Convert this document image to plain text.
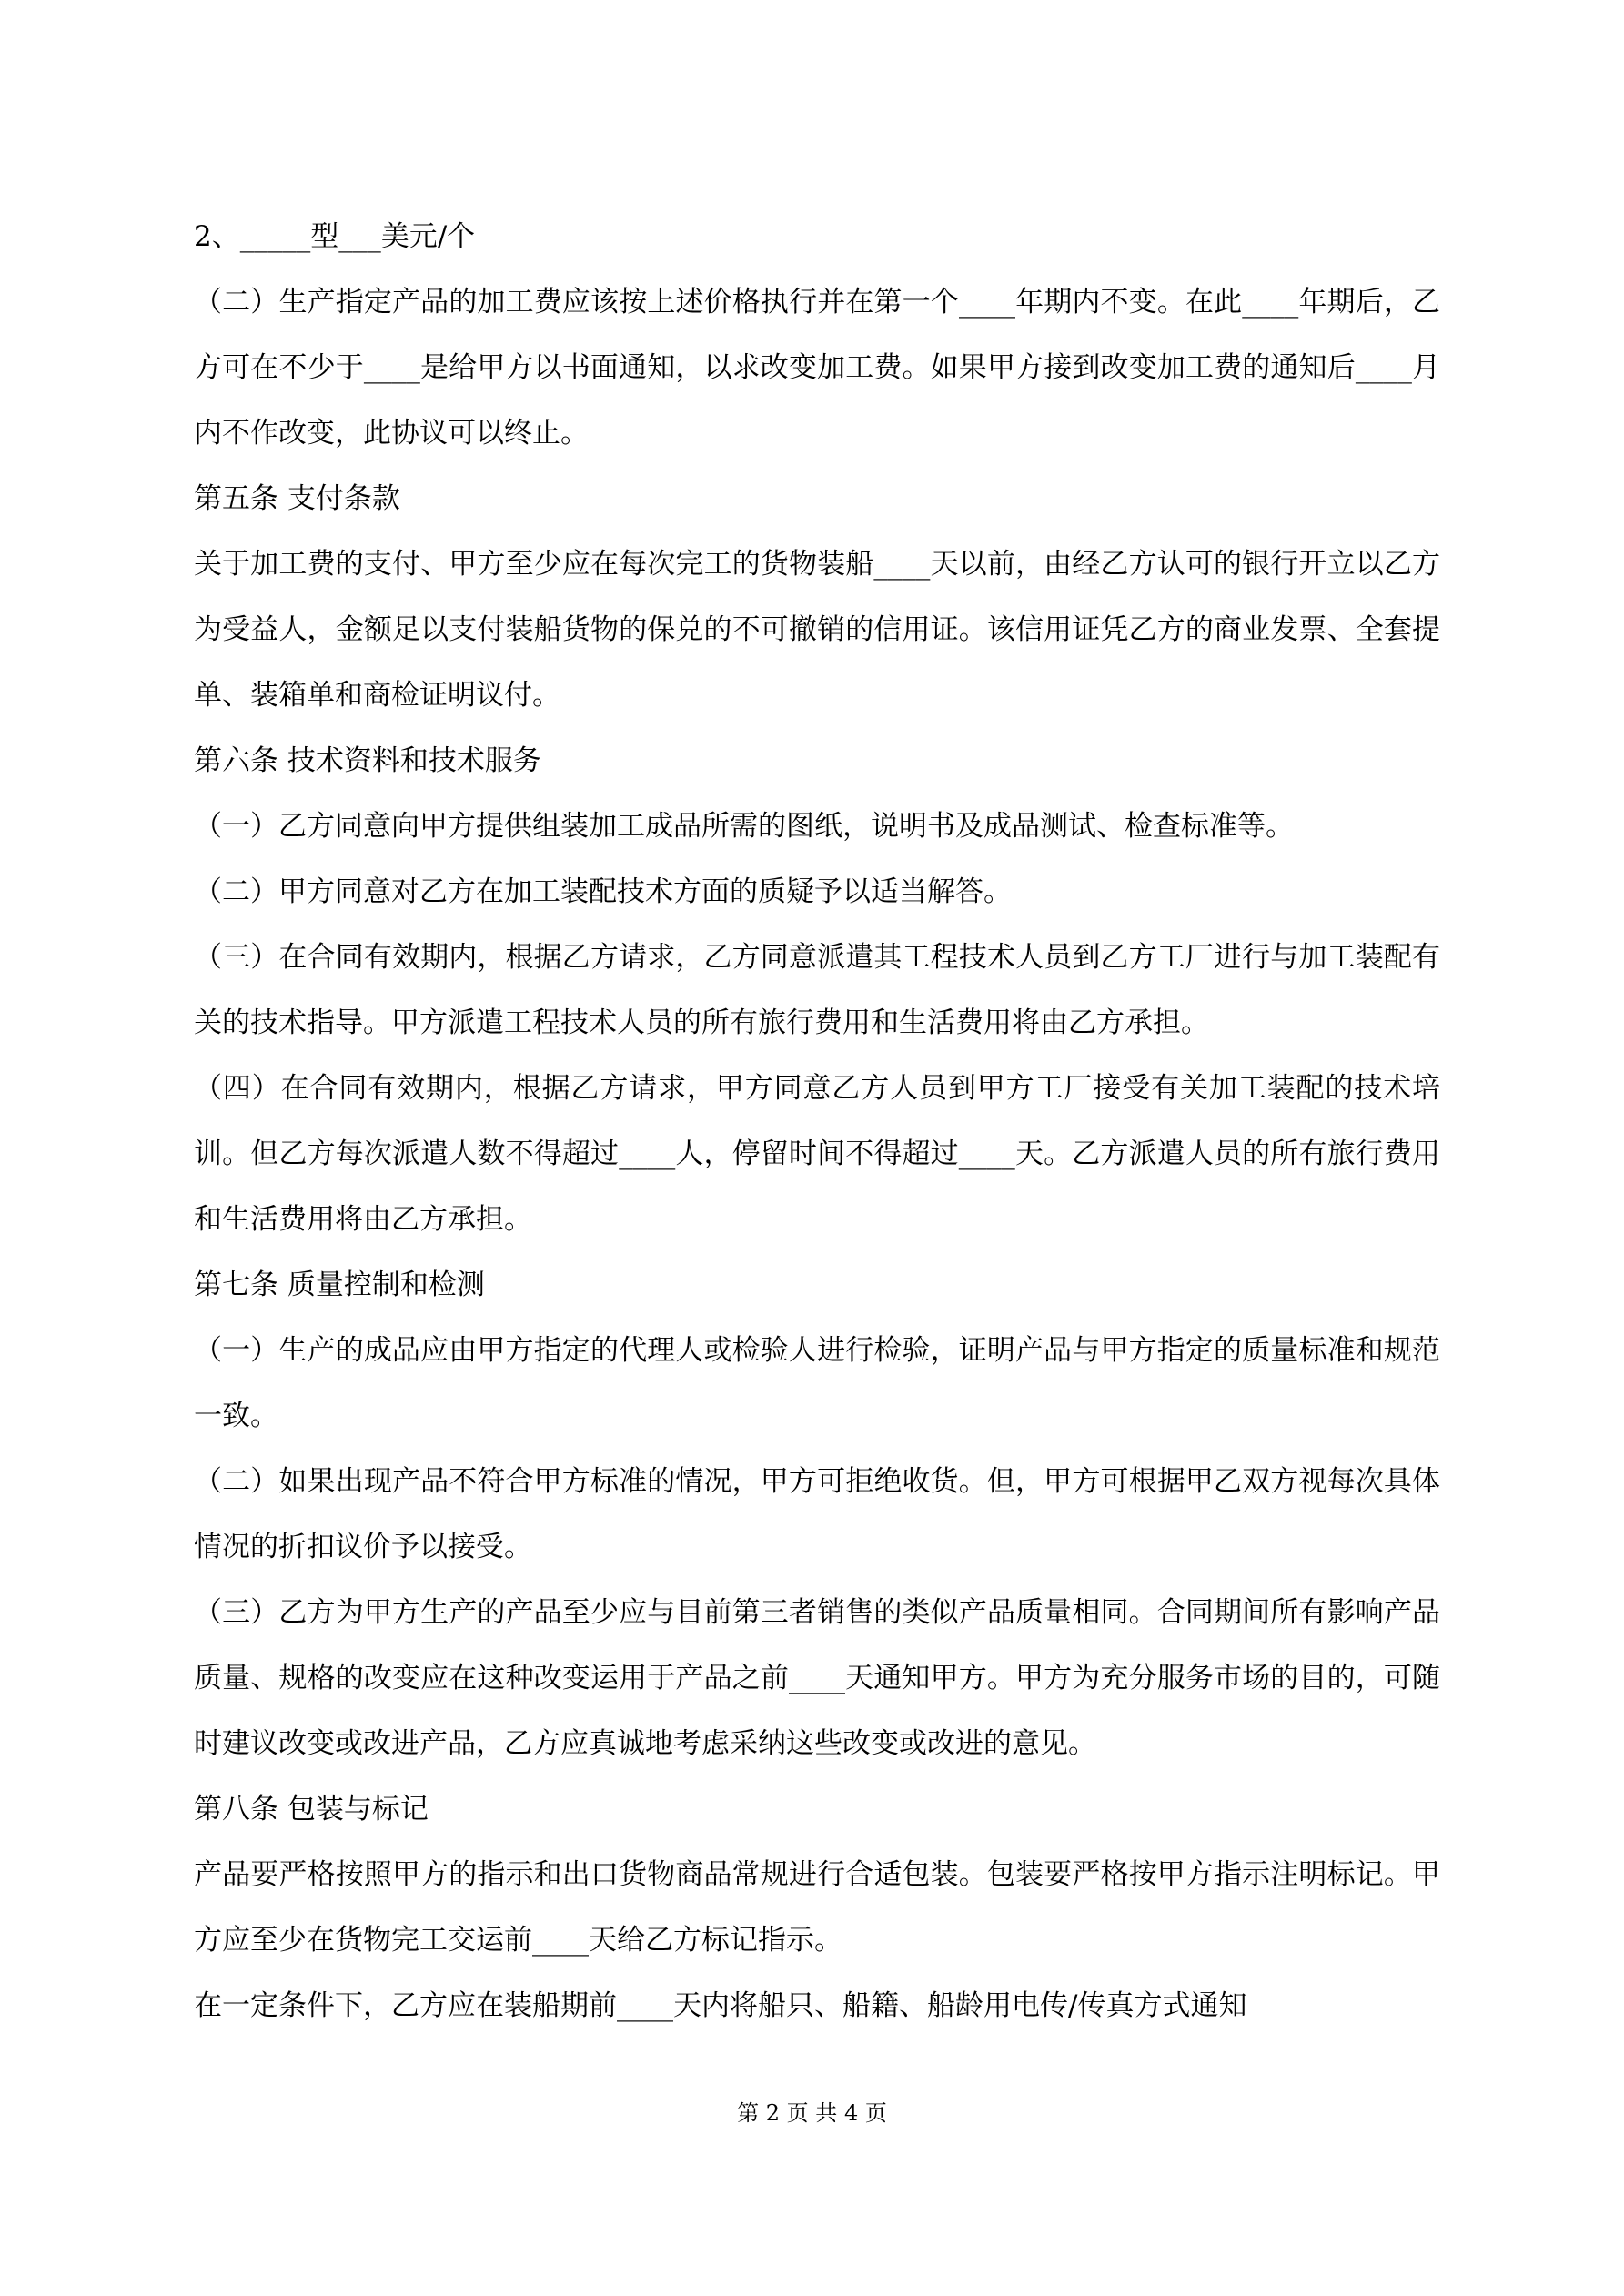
2、_____型___美元/个

（二）生产指定产品的加工费应该按上述价格执行并在第一个____年期内不变。在此____年期后，乙方可在不少于____是给甲方以书面通知，以求改变加工费。如果甲方接到改变加工费的通知后____月内不作改变，此协议可以终止。

第五条 支付条款

关于加工费的支付、甲方至少应在每次完工的货物装船____天以前，由经乙方认可的银行开立以乙方为受益人，金额足以支付装船货物的保兑的不可撤销的信用证。该信用证凭乙方的商业发票、全套提单、装箱单和商检证明议付。

第六条 技术资料和技术服务

（一）乙方同意向甲方提供组装加工成品所需的图纸，说明书及成品测试、检查标准等。

（二）甲方同意对乙方在加工装配技术方面的质疑予以适当解答。

（三）在合同有效期内，根据乙方请求，乙方同意派遣其工程技术人员到乙方工厂进行与加工装配有关的技术指导。甲方派遣工程技术人员的所有旅行费用和生活费用将由乙方承担。

（四）在合同有效期内，根据乙方请求，甲方同意乙方人员到甲方工厂接受有关加工装配的技术培训。但乙方每次派遣人数不得超过____人，停留时间不得超过____天。乙方派遣人员的所有旅行费用和生活费用将由乙方承担。

第七条 质量控制和检测

（一）生产的成品应由甲方指定的代理人或检验人进行检验，证明产品与甲方指定的质量标准和规范一致。

（二）如果出现产品不符合甲方标准的情况，甲方可拒绝收货。但，甲方可根据甲乙双方视每次具体情况的折扣议价予以接受。

（三）乙方为甲方生产的产品至少应与目前第三者销售的类似产品质量相同。合同期间所有影响产品质量、规格的改变应在这种改变运用于产品之前____天通知甲方。甲方为充分服务市场的目的，可随时建议改变或改进产品，乙方应真诚地考虑采纳这些改变或改进的意见。

第八条 包装与标记

产品要严格按照甲方的指示和出口货物商品常规进行合适包装。包装要严格按甲方指示注明标记。甲方应至少在货物完工交运前____天给乙方标记指示。

在一定条件下，乙方应在装船期前____天内将船只、船籍、船龄用电传/传真方式通知

第 2 页 共 4 页
